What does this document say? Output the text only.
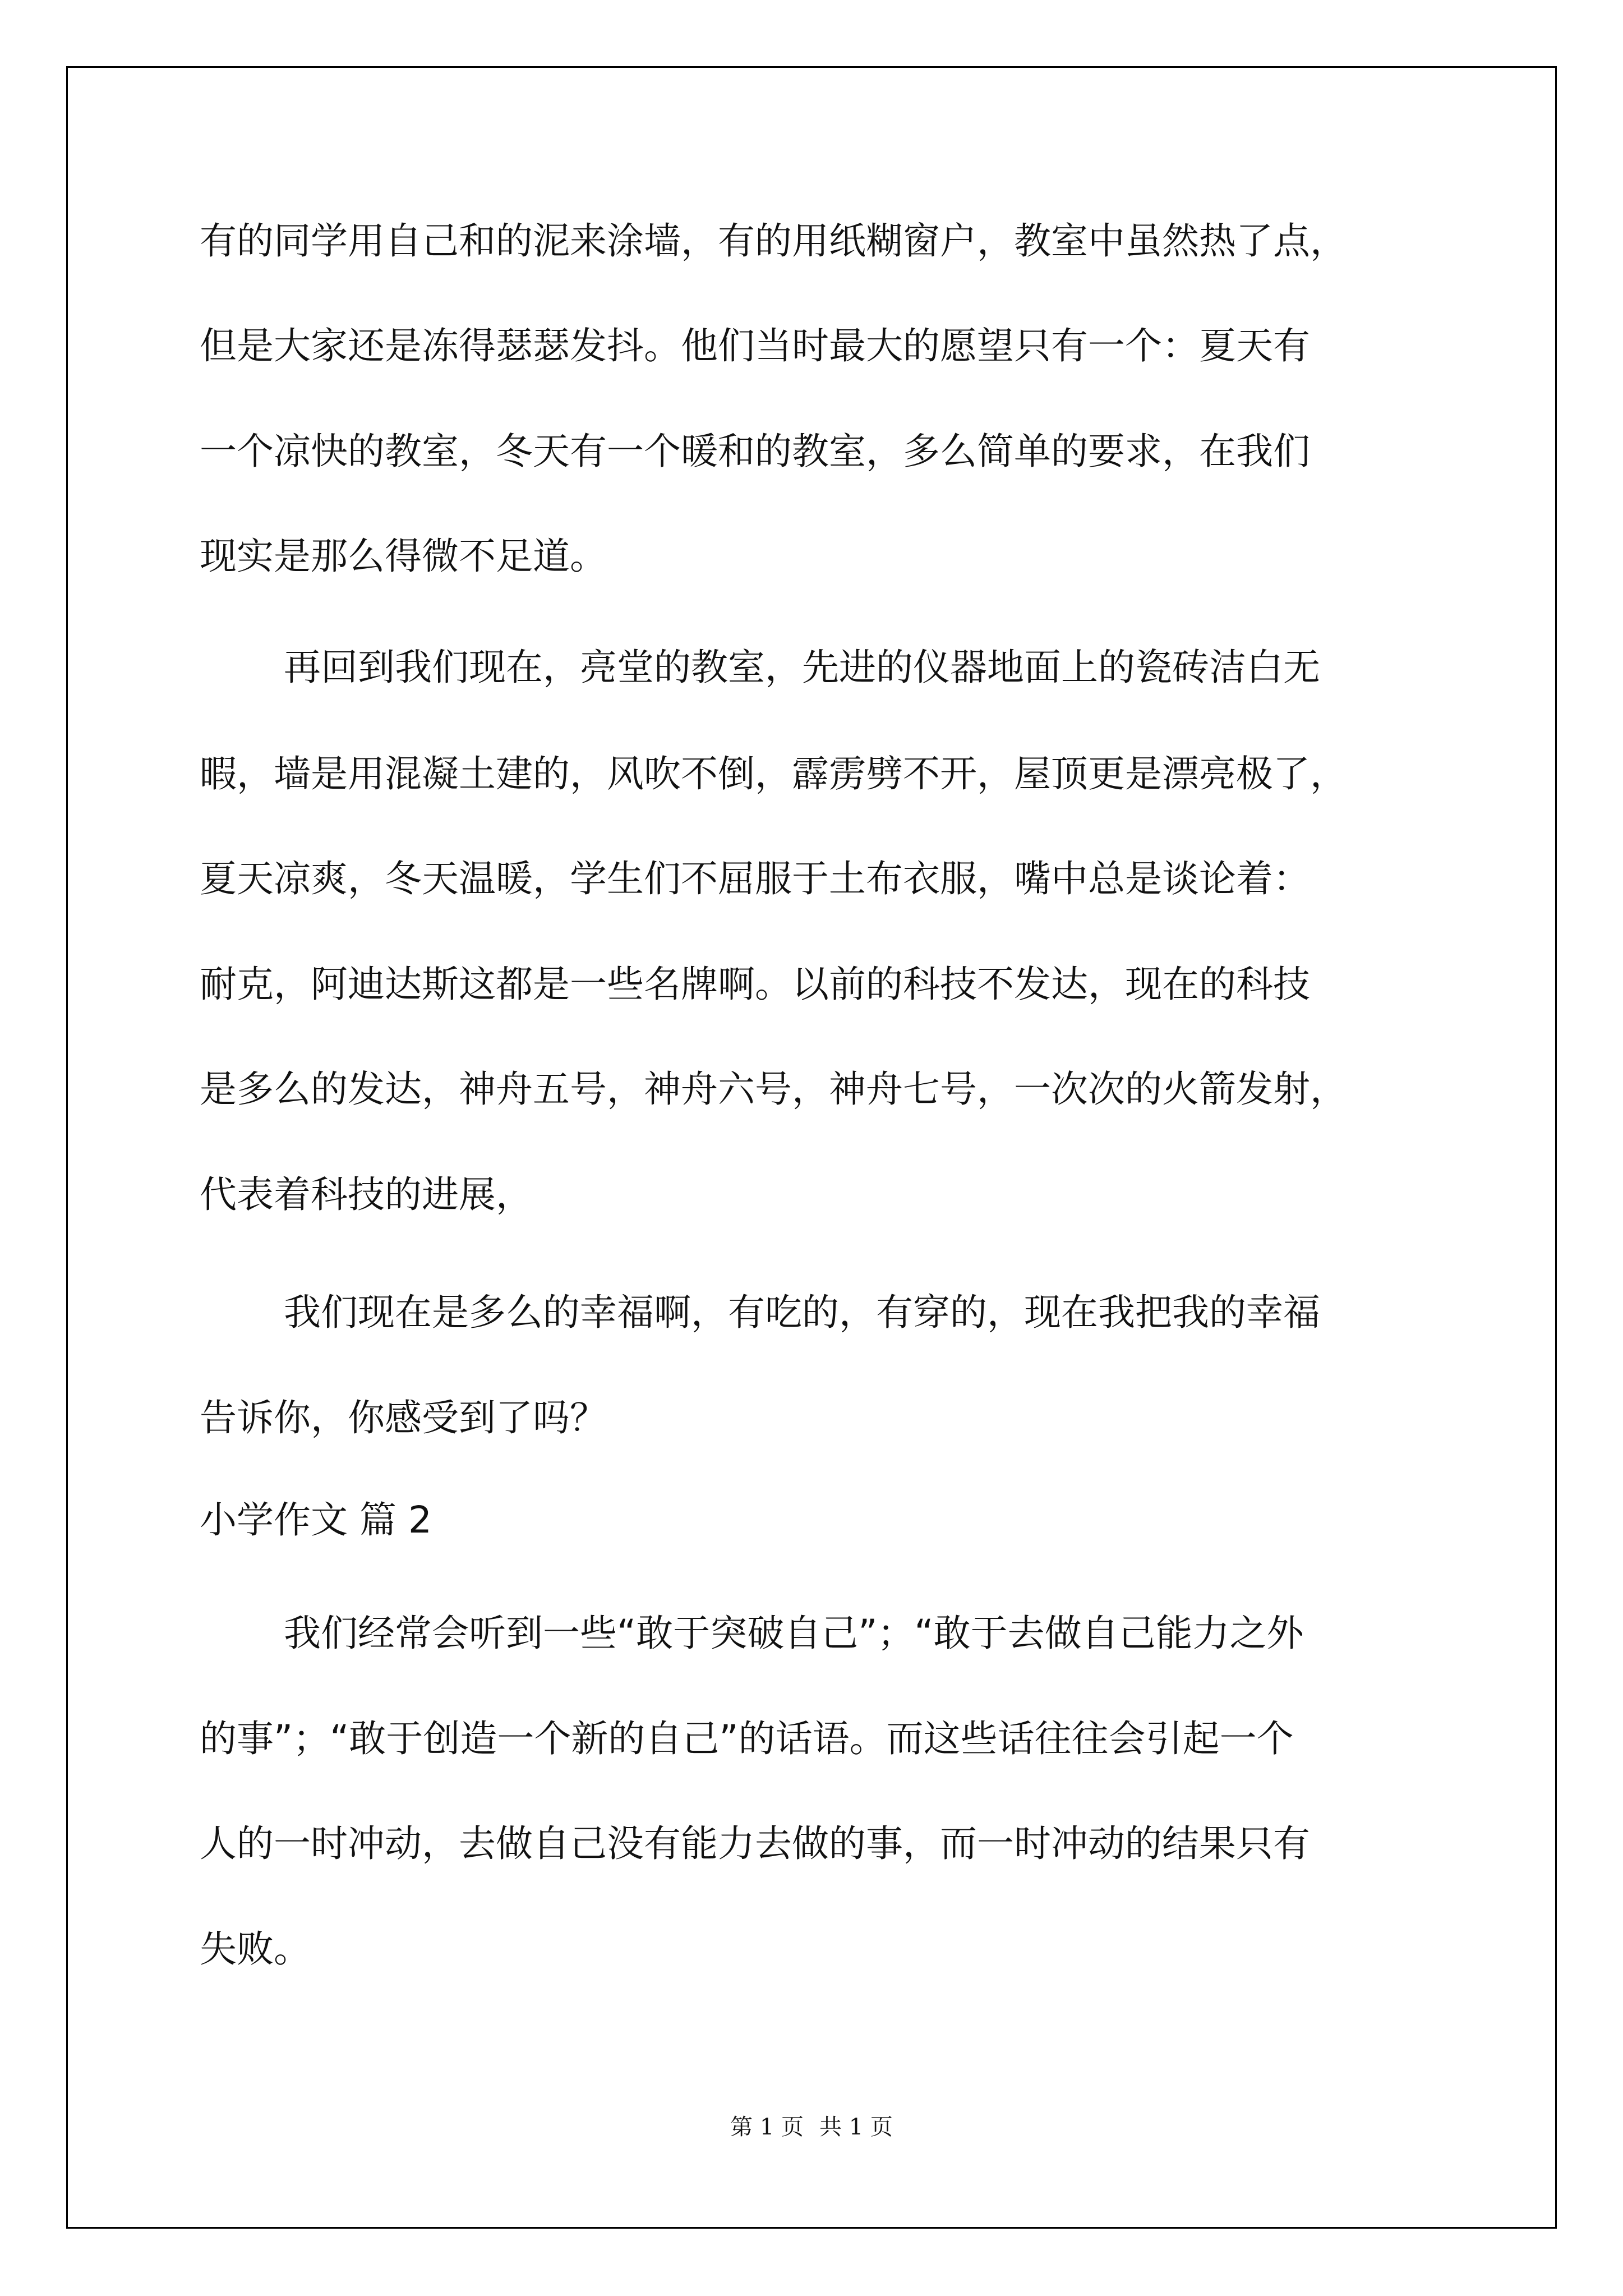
有的同学用自己和的泥来涂墙，有的用纸糊窗户，教室中虽然热了点，
但是大家还是冻得瑟瑟发抖。他们当时最大的愿望只有一个：夏天有
一个凉快的教室，冬天有一个暖和的教室，多么简单的要求，在我们
现实是那么得微不足道。
再回到我们现在，亮堂的教室，先进的仪器地面上的瓷砖洁白无
暇，墙是用混凝土建的，风吹不倒，霹雳劈不开，屋顶更是漂亮极了，
夏天凉爽，冬天温暖，学生们不屈服于土布衣服，嘴中总是谈论着：
耐克，阿迪达斯这都是一些名牌啊。以前的科技不发达，现在的科技
是多么的发达，神舟五号，神舟六号，神舟七号，一次次的火箭发射，
代表着科技的进展，
我们现在是多么的幸福啊，有吃的，有穿的，现在我把我的幸福
告诉你，你感受到了吗？
小学作文 篇 2
我们经常会听到一些“敢于突破自己”；“敢于去做自己能力之外
的事”；“敢于创造一个新的自己”的话语。而这些话往往会引起一个
人的一时冲动，去做自己没有能力去做的事，而一时冲动的结果只有
失败。
第 1 页 共 1 页
